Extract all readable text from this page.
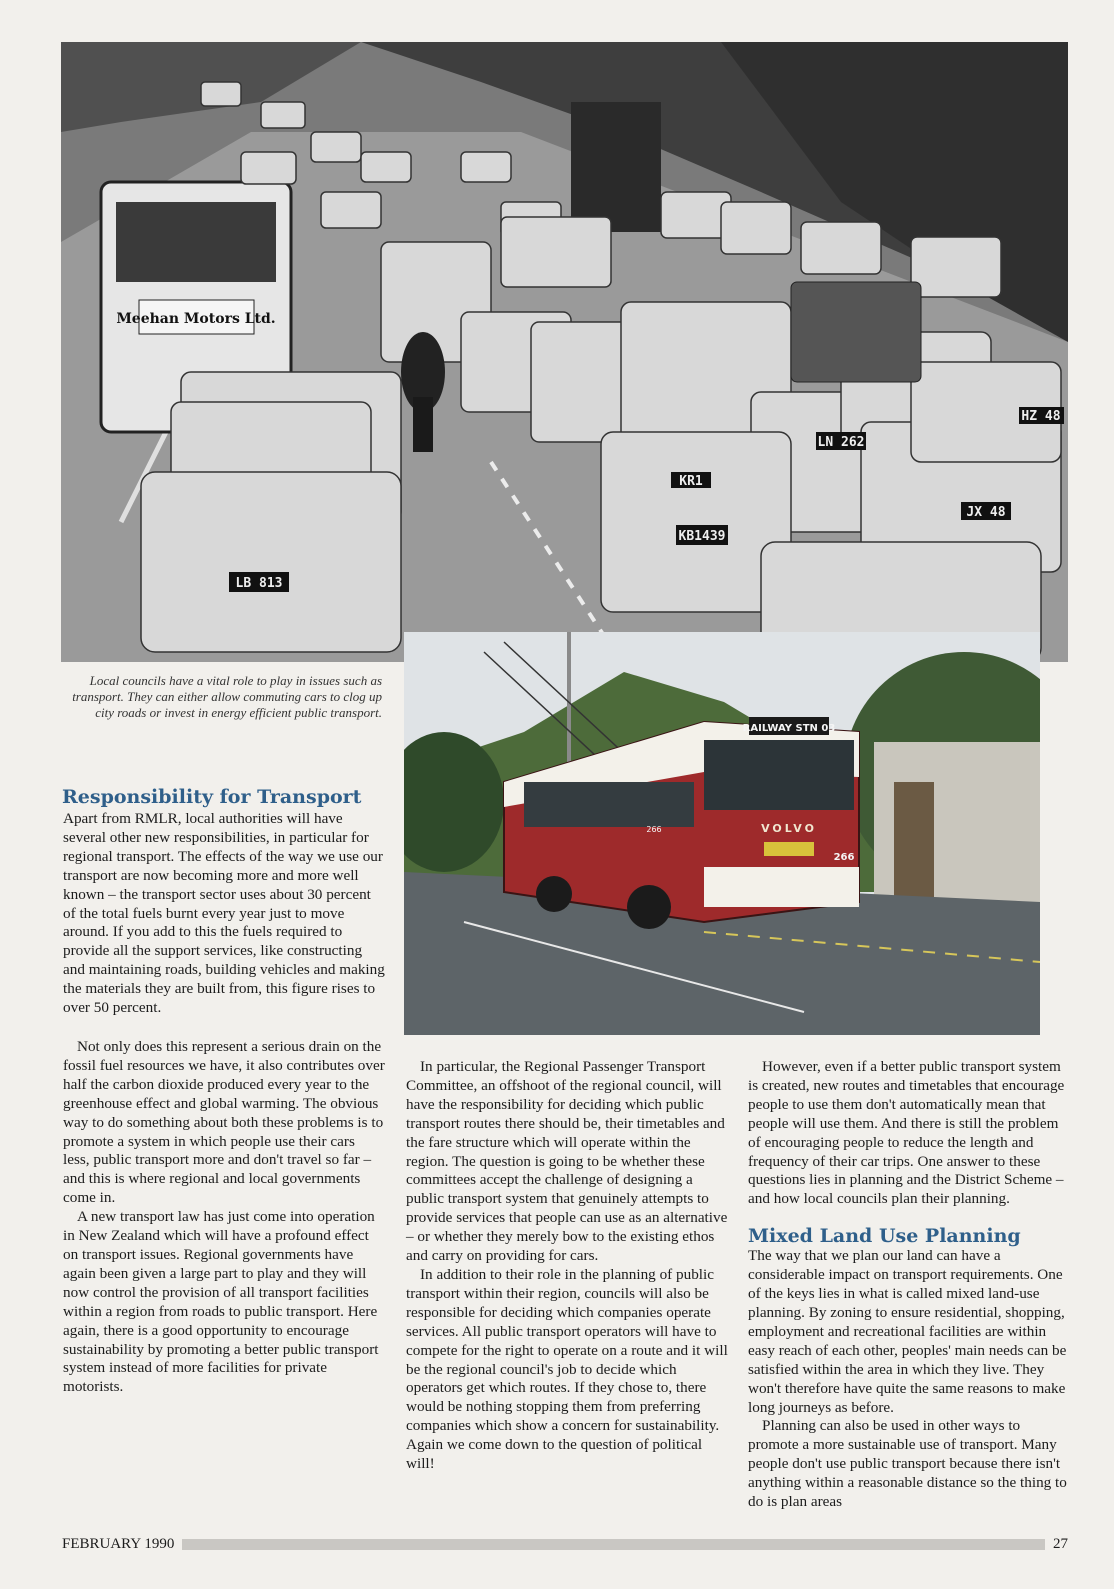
Meehan Motors Ltd.
LB 813
KB1439
LN 262
JX 48
HZ 48
KR1
RAILWAY STN 03
VOLVO
266
266
Local councils have a vital role to play in issues such as transport. They can either allow commuting cars to clog up city roads or invest in energy efficient public transport.
Responsibility for Transport

Apart from RMLR, local authorities will have several other new responsibilities, in particular for regional transport. The effects of the way we use our transport are now becoming more and more well known – the transport sector uses about 30 percent of the total fuels burnt every year just to move around. If you add to this the fuels required to provide all the support services, like constructing and maintaining roads, building vehicles and making the materials they are built from, this figure rises to over 50 percent.

Not only does this represent a serious drain on the fossil fuel resources we have, it also contributes over half the carbon dioxide produced every year to the greenhouse effect and global warming. The obvious way to do something about both these problems is to promote a system in which people use their cars less, public transport more and don't travel so far – and this is where regional and local governments come in.

A new transport law has just come into operation in New Zealand which will have a profound effect on transport issues. Regional governments have again been given a large part to play and they will now control the provision of all transport facilities within a region from roads to public transport. Here again, there is a good opportunity to encourage sustainability by promoting a better public transport system instead of more facilities for private motorists.

In particular, the Regional Passenger Transport Committee, an offshoot of the regional council, will have the responsibility for deciding which public transport routes there should be, their timetables and the fare structure which will operate within the region. The question is going to be whether these committees accept the challenge of designing a public transport system that genuinely attempts to provide services that people can use as an alternative – or whether they merely bow to the existing ethos and carry on providing for cars.

In addition to their role in the planning of public transport within their region, councils will also be responsible for deciding which companies operate services. All public transport operators will have to compete for the right to operate on a route and it will be the regional council's job to decide which operators get which routes. If they chose to, there would be nothing stopping them from preferring companies which show a concern for sustainability. Again we come down to the question of political will!

However, even if a better public transport system is created, new routes and timetables that encourage people to use them don't automatically mean that people will use them. And there is still the problem of encouraging people to reduce the length and frequency of their car trips. One answer to these questions lies in planning and the District Scheme – and how local councils plan their planning.

Mixed Land Use Planning

The way that we plan our land can have a considerable impact on transport requirements. One of the keys lies in what is called mixed land-use planning. By zoning to ensure residential, shopping, employment and recreational facilities are within easy reach of each other, peoples' main needs can be satisfied within the area in which they live. They won't therefore have quite the same reasons to make long journeys as before.

Planning can also be used in other ways to promote a more sustainable use of transport. Many people don't use public transport because there isn't anything within a reasonable distance so the thing to do is plan areas

FEBRUARY 1990	27
